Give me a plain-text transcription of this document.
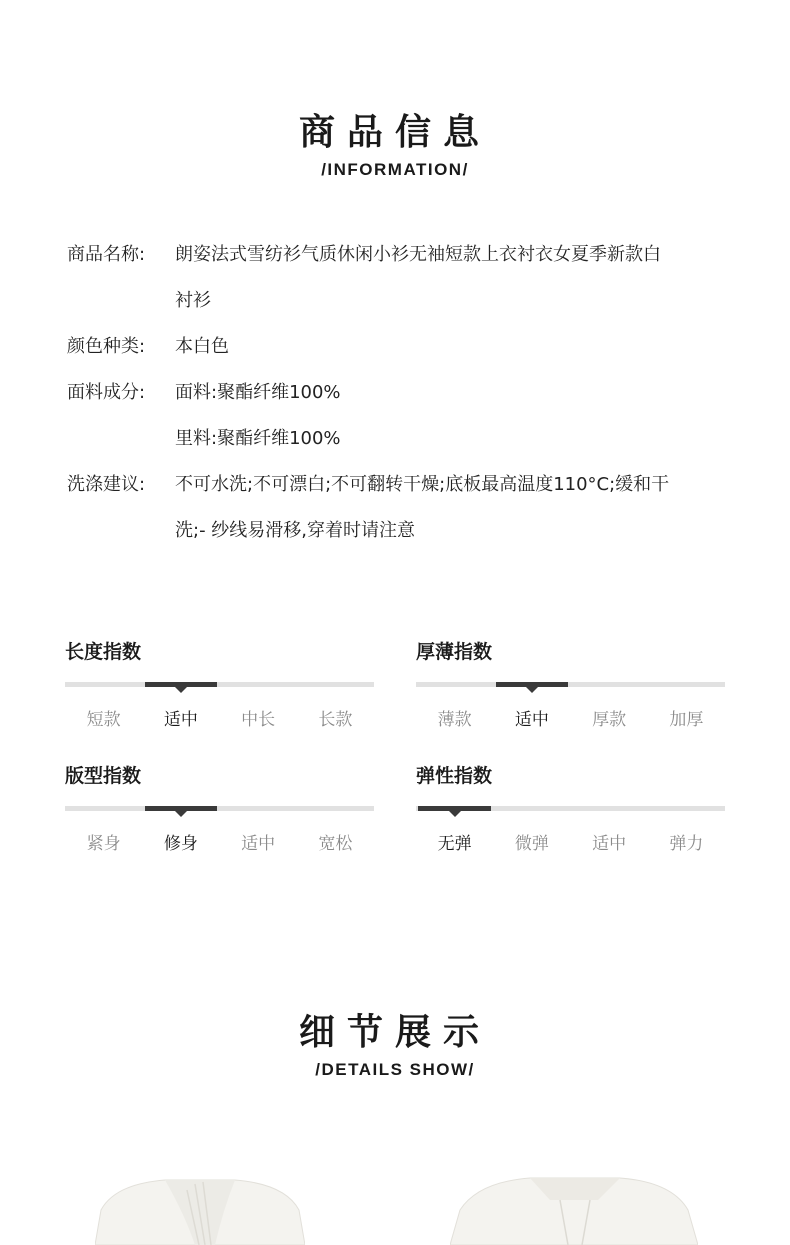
商品信息
/INFORMATION/
商品名称:	朗姿法式雪纺衫气质休闲小衫无袖短款上衣衬衣女夏季新款白
衬衫
颜色种类:	本白色
面料成分:	面料:聚酯纤维100%
里料:聚酯纤维100%
洗涤建议:	不可水洗;不可漂白;不可翻转干燥;底板最高温度110°C;缓和干
洗;- 纱线易滑移,穿着时请注意
长度指数
短款	适中	中长	长款
厚薄指数
薄款	适中	厚款	加厚
版型指数
紧身	修身	适中	宽松
弹性指数
无弹	微弹	适中	弹力
细节展示
/DETAILS SHOW/
